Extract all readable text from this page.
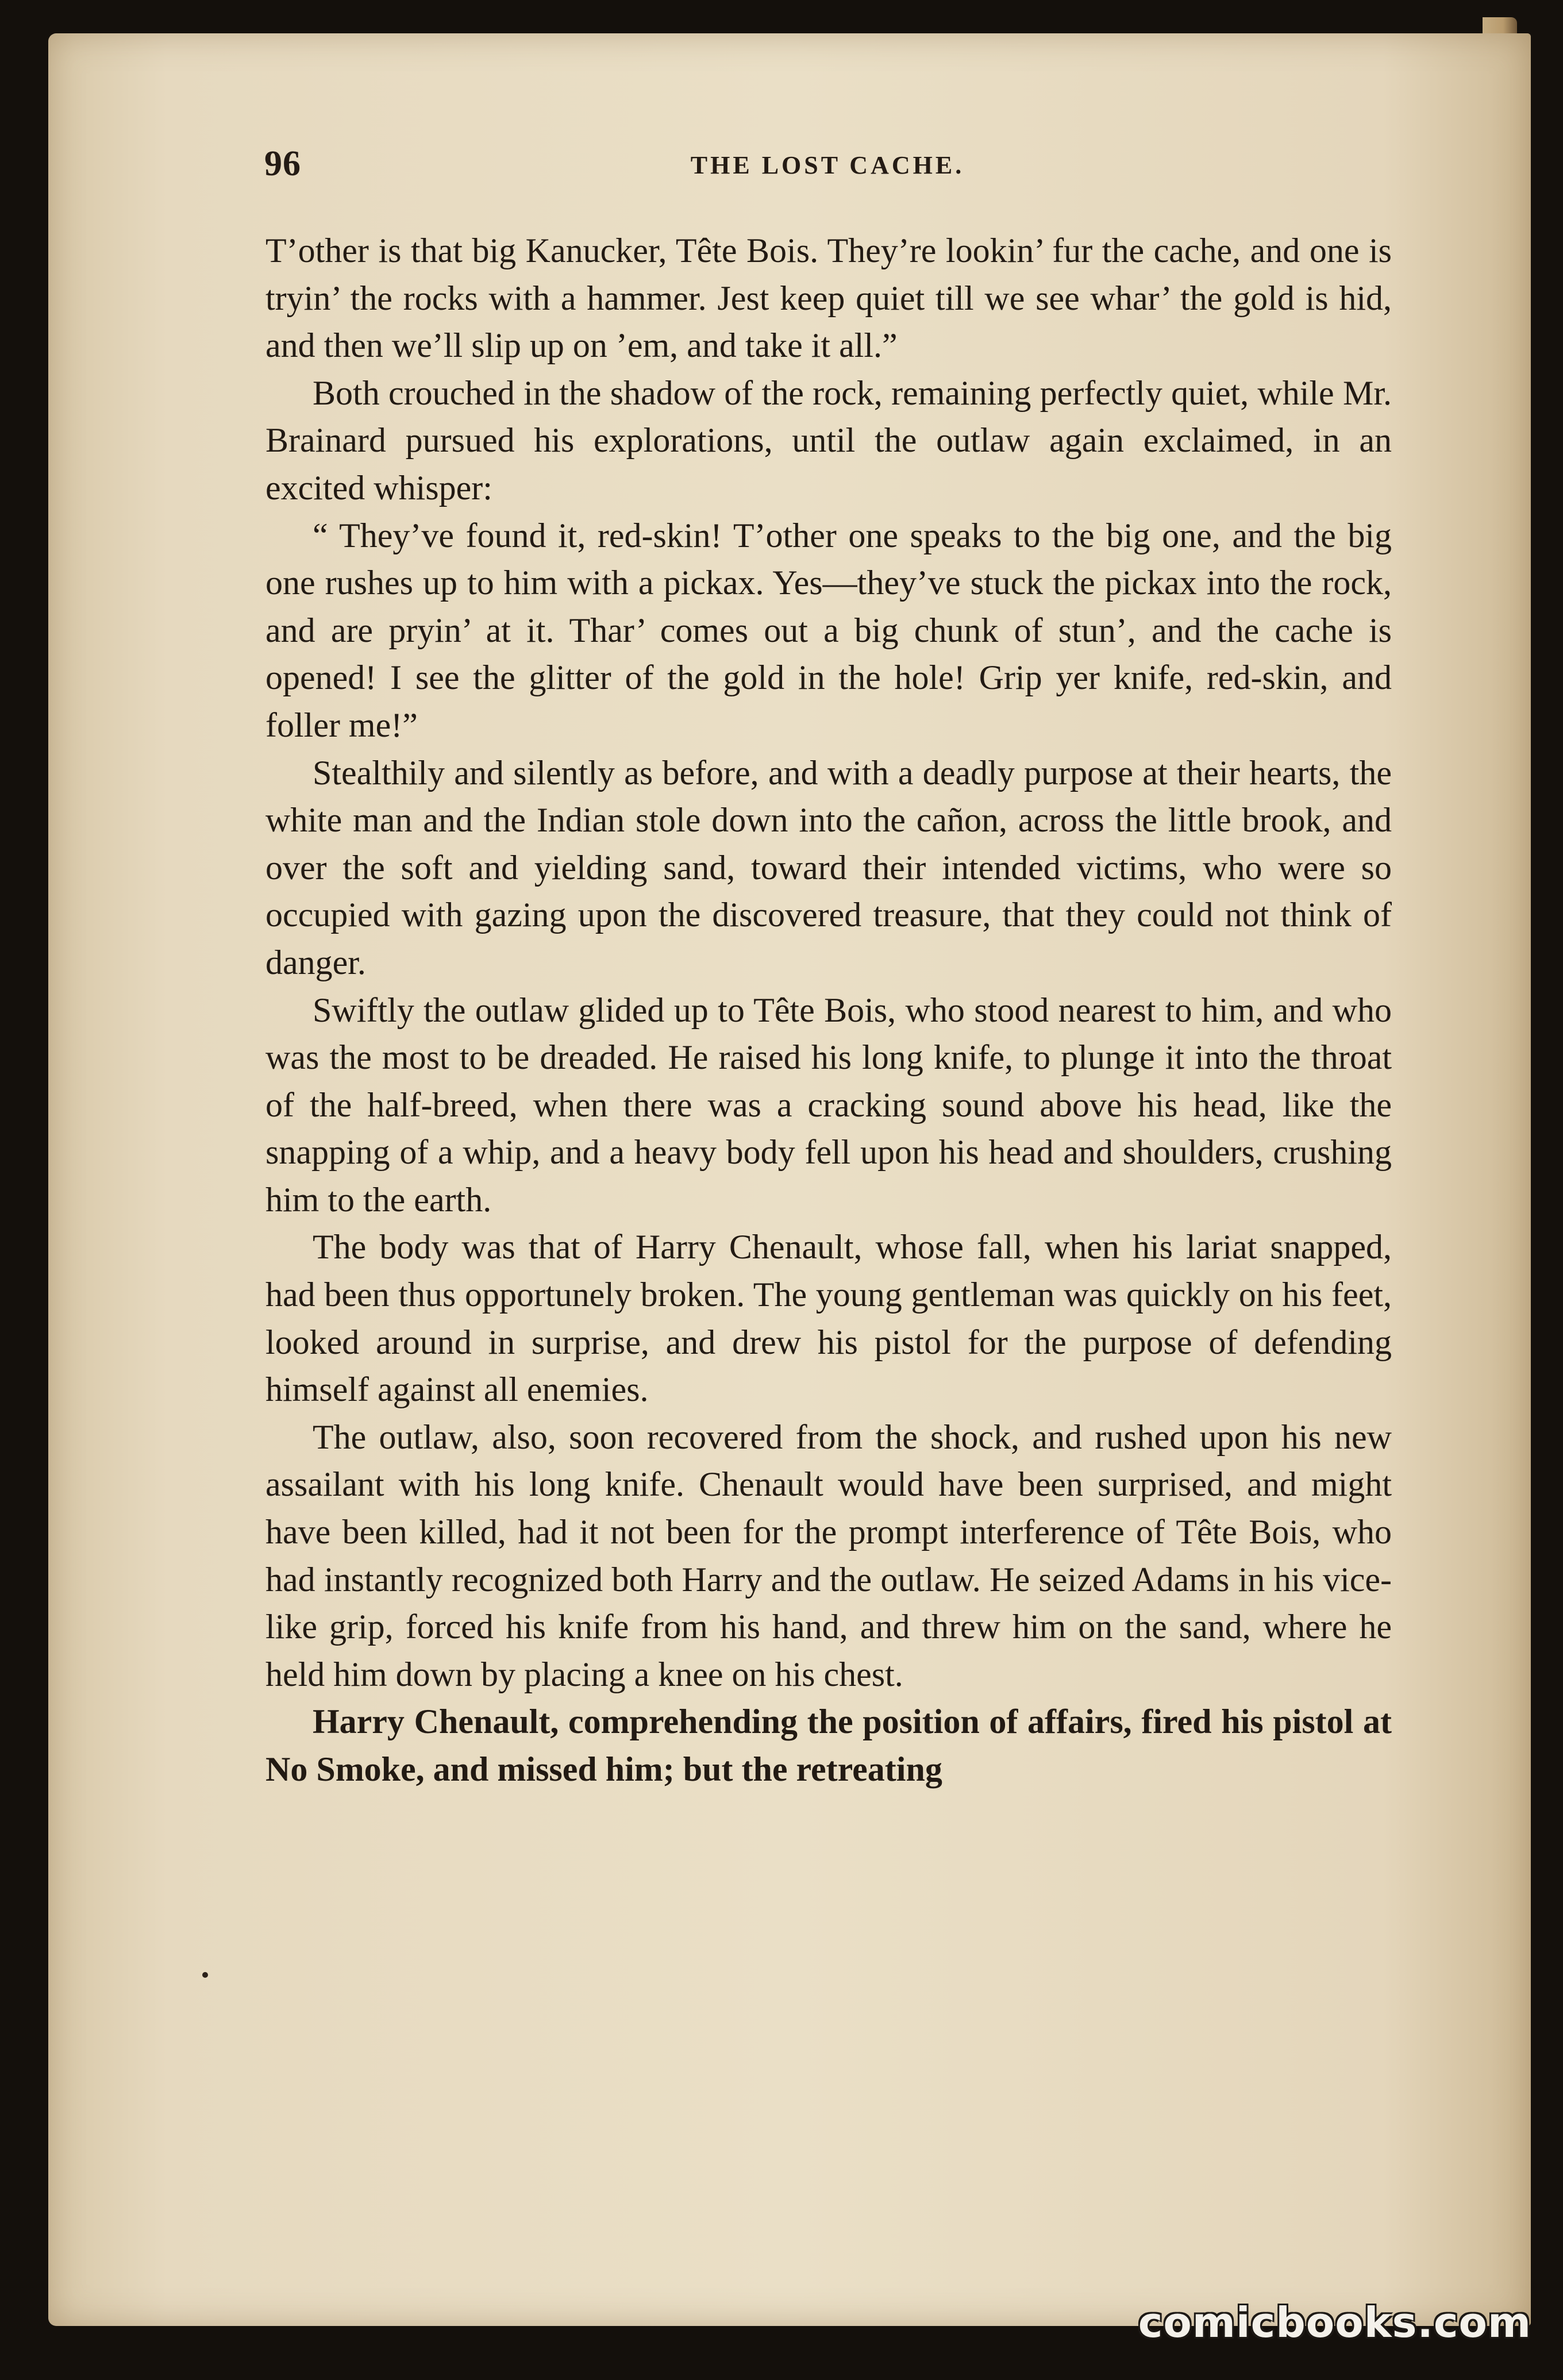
96	THE LOST CACHE.
T’other is that big Kanucker, Tête Bois. They’re lookin’ fur the cache, and one is tryin’ the rocks with a hammer. Jest keep quiet till we see whar’ the gold is hid, and then we’ll slip up on ’em, and take it all.”
Both crouched in the shadow of the rock, remaining perfectly quiet, while Mr. Brainard pursued his explorations, until the outlaw again exclaimed, in an excited whisper:
“ They’ve found it, red-skin! T’other one speaks to the big one, and the big one rushes up to him with a pickax. Yes—they’ve stuck the pickax into the rock, and are pryin’ at it. Thar’ comes out a big chunk of stun’, and the cache is opened! I see the glitter of the gold in the hole! Grip yer knife, red-skin, and foller me!”
Stealthily and silently as before, and with a deadly purpose at their hearts, the white man and the Indian stole down into the cañon, across the little brook, and over the soft and yielding sand, toward their intended victims, who were so occupied with gazing upon the discovered treasure, that they could not think of danger.
Swiftly the outlaw glided up to Tête Bois, who stood nearest to him, and who was the most to be dreaded. He raised his long knife, to plunge it into the throat of the half-breed, when there was a cracking sound above his head, like the snapping of a whip, and a heavy body fell upon his head and shoulders, crushing him to the earth.
The body was that of Harry Chenault, whose fall, when his lariat snapped, had been thus opportunely broken. The young gentleman was quickly on his feet, looked around in surprise, and drew his pistol for the purpose of defending himself against all enemies.
The outlaw, also, soon recovered from the shock, and rushed upon his new assailant with his long knife. Chenault would have been surprised, and might have been killed, had it not been for the prompt interference of Tête Bois, who had instantly recognized both Harry and the outlaw. He seized Adams in his vice-like grip, forced his knife from his hand, and threw him on the sand, where he held him down by placing a knee on his chest.
Harry Chenault, comprehending the position of affairs, fired his pistol at No Smoke, and missed him; but the retreating
comicbooks.com
